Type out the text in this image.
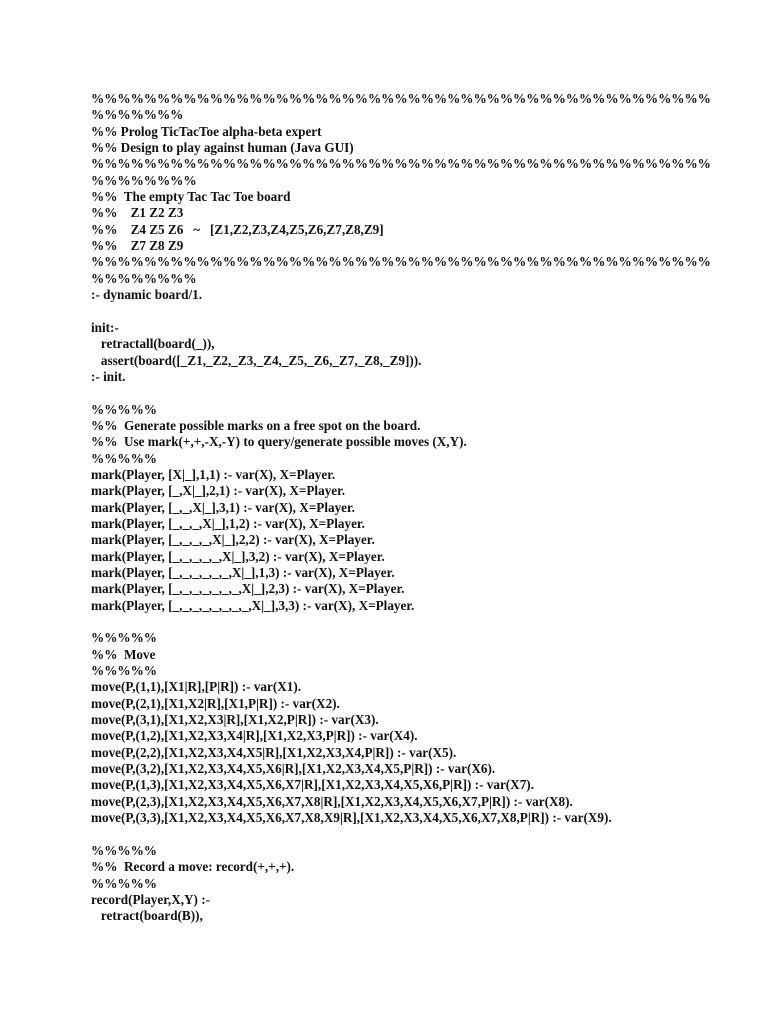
%%%%%%%%%%%%%%%%%%%%%%%%%%%%%%%%%%%%%%%%%%%%%%%
%%%%%%%
%% Prolog TicTacToe alpha-beta expert
%% Design to play against human (Java GUI)
%%%%%%%%%%%%%%%%%%%%%%%%%%%%%%%%%%%%%%%%%%%%%%%
%%%%%%%%
%%  The empty Tac Tac Toe board
%%    Z1 Z2 Z3
%%    Z4 Z5 Z6   ~   [Z1,Z2,Z3,Z4,Z5,Z6,Z7,Z8,Z9]
%%    Z7 Z8 Z9
%%%%%%%%%%%%%%%%%%%%%%%%%%%%%%%%%%%%%%%%%%%%%%%
%%%%%%%%
:- dynamic board/1.
init:-
retractall(board(_)),
assert(board([_Z1,_Z2,_Z3,_Z4,_Z5,_Z6,_Z7,_Z8,_Z9])).
:- init.
%%%%%
%%  Generate possible marks on a free spot on the board.
%%  Use mark(+,+,-X,-Y) to query/generate possible moves (X,Y).
%%%%%
mark(Player, [X|_],1,1) :- var(X), X=Player.
mark(Player, [_,X|_],2,1) :- var(X), X=Player.
mark(Player, [_,_,X|_],3,1) :- var(X), X=Player.
mark(Player, [_,_,_,X|_],1,2) :- var(X), X=Player.
mark(Player, [_,_,_,_,X|_],2,2) :- var(X), X=Player.
mark(Player, [_,_,_,_,_,X|_],3,2) :- var(X), X=Player.
mark(Player, [_,_,_,_,_,_,X|_],1,3) :- var(X), X=Player.
mark(Player, [_,_,_,_,_,_,_,X|_],2,3) :- var(X), X=Player.
mark(Player, [_,_,_,_,_,_,_,_,X|_],3,3) :- var(X), X=Player.
%%%%%
%%  Move
%%%%%
move(P,(1,1),[X1|R],[P|R]) :- var(X1).
move(P,(2,1),[X1,X2|R],[X1,P|R]) :- var(X2).
move(P,(3,1),[X1,X2,X3|R],[X1,X2,P|R]) :- var(X3).
move(P,(1,2),[X1,X2,X3,X4|R],[X1,X2,X3,P|R]) :- var(X4).
move(P,(2,2),[X1,X2,X3,X4,X5|R],[X1,X2,X3,X4,P|R]) :- var(X5).
move(P,(3,2),[X1,X2,X3,X4,X5,X6|R],[X1,X2,X3,X4,X5,P|R]) :- var(X6).
move(P,(1,3),[X1,X2,X3,X4,X5,X6,X7|R],[X1,X2,X3,X4,X5,X6,P|R]) :- var(X7).
move(P,(2,3),[X1,X2,X3,X4,X5,X6,X7,X8|R],[X1,X2,X3,X4,X5,X6,X7,P|R]) :- var(X8).
move(P,(3,3),[X1,X2,X3,X4,X5,X6,X7,X8,X9|R],[X1,X2,X3,X4,X5,X6,X7,X8,P|R]) :- var(X9).
%%%%%
%%  Record a move: record(+,+,+).
%%%%%
record(Player,X,Y) :-
retract(board(B)),
